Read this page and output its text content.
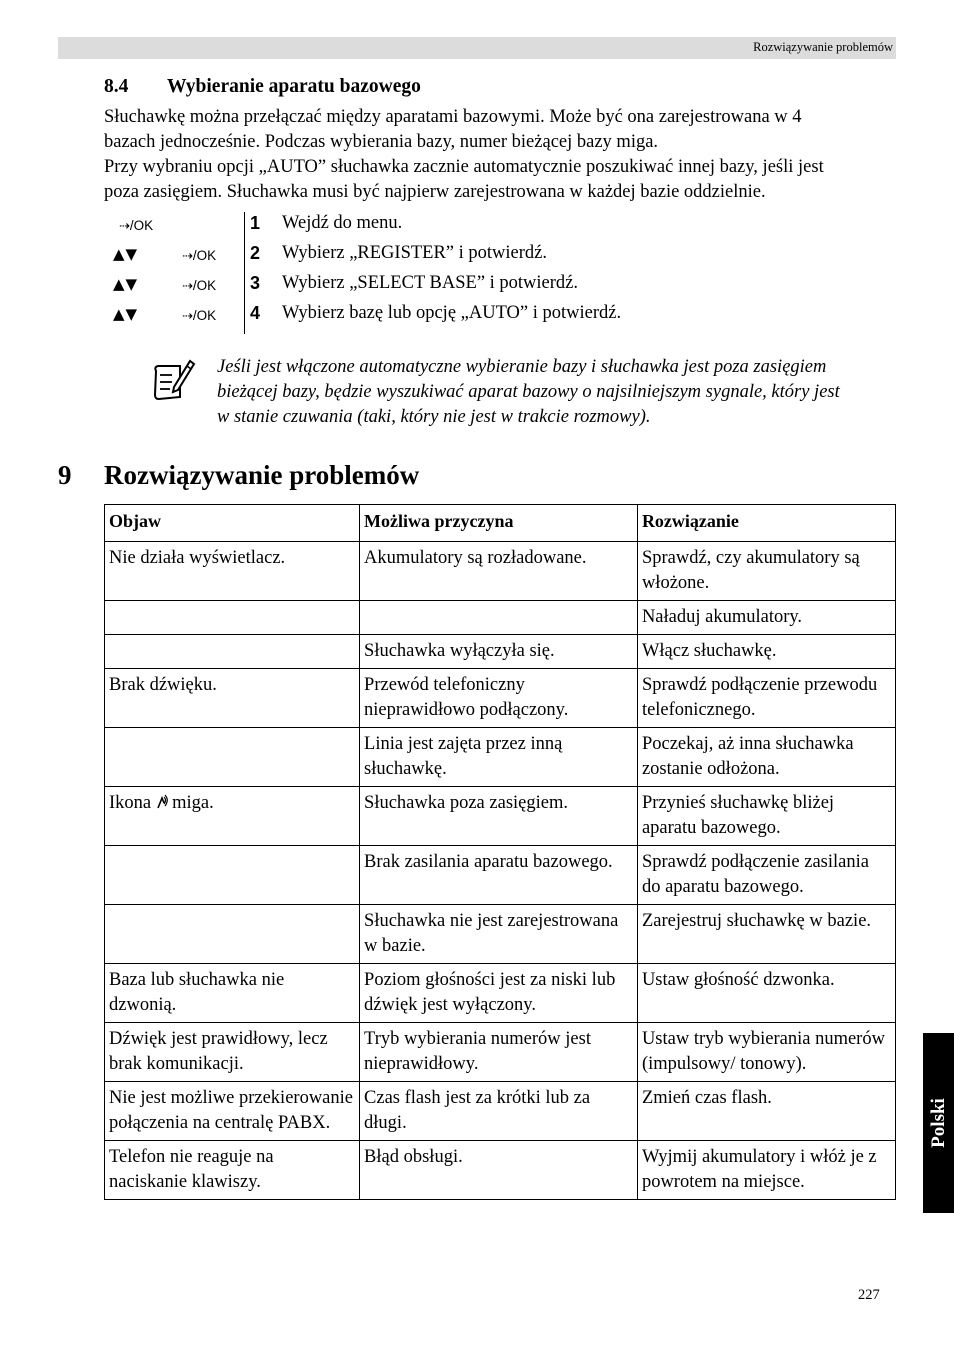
Rozwiązywanie problemów
8.4 Wybieranie aparatu bazowego
Słuchawkę można przełączać między aparatami bazowymi. Może być ona zarejestrowana w 4
bazach jednocześnie. Podczas wybierania bazy, numer bieżącej bazy miga.
Przy wybraniu opcji „AUTO” słuchawka zacznie automatycznie poszukiwać innej bazy, jeśli jest
poza zasięgiem. Słuchawka musi być najpierw zarejestrowana w każdej bazie oddzielnie.
⇢/OK	1 Wejdź do menu.
▲▼	⇢/OK 2 Wybierz „REGISTER” i potwierdź.
▲▼	⇢/OK 3 Wybierz „SELECT BASE” i potwierdź.
▲▼	⇢/OK 4 Wybierz bazę lub opcję „AUTO” i potwierdź.
Jeśli jest włączone automatyczne wybieranie bazy i słuchawka jest poza zasięgiem
bieżącej bazy, będzie wyszukiwać aparat bazowy o najsilniejszym sygnale, który jest
w stanie czuwania (taki, który nie jest w trakcie rozmowy).
9 Rozwiązywanie problemów
Objaw	Możliwa przyczyna	Rozwiązanie
Nie działa wyświetlacz.	Akumulatory są rozładowane.	Sprawdź, czy akumulatory są włożone.
		Naładuj akumulatory.
	Słuchawka wyłączyła się.	Włącz słuchawkę.
Brak dźwięku.	Przewód telefoniczny nieprawidłowo podłączony.	Sprawdź podłączenie przewodu telefonicznego.
	Linia jest zajęta przez inną słuchawkę.	Poczekaj, aż inna słuchawka zostanie odłożona.
Ikona miga.	Słuchawka poza zasięgiem.	Przynieś słuchawkę bliżej aparatu bazowego.
	Brak zasilania aparatu bazowego.	Sprawdź podłączenie zasilania do aparatu bazowego.
	Słuchawka nie jest zarejestrowana w bazie.	Zarejestruj słuchawkę w bazie.
Baza lub słuchawka nie dzwonią.	Poziom głośności jest za niski lub dźwięk jest wyłączony.	Ustaw głośność dzwonka.
Dźwięk jest prawidłowy, lecz brak komunikacji.	Tryb wybierania numerów jest nieprawidłowy.	Ustaw tryb wybierania numerów (impulsowy/ tonowy).
Nie jest możliwe przekierowanie połączenia na centralę PABX.	Czas flash jest za krótki lub za długi.	Zmień czas flash.
Telefon nie reaguje na naciskanie klawiszy.	Błąd obsługi.	Wyjmij akumulatory i włóż je z powrotem na miejsce.
Polski
227
